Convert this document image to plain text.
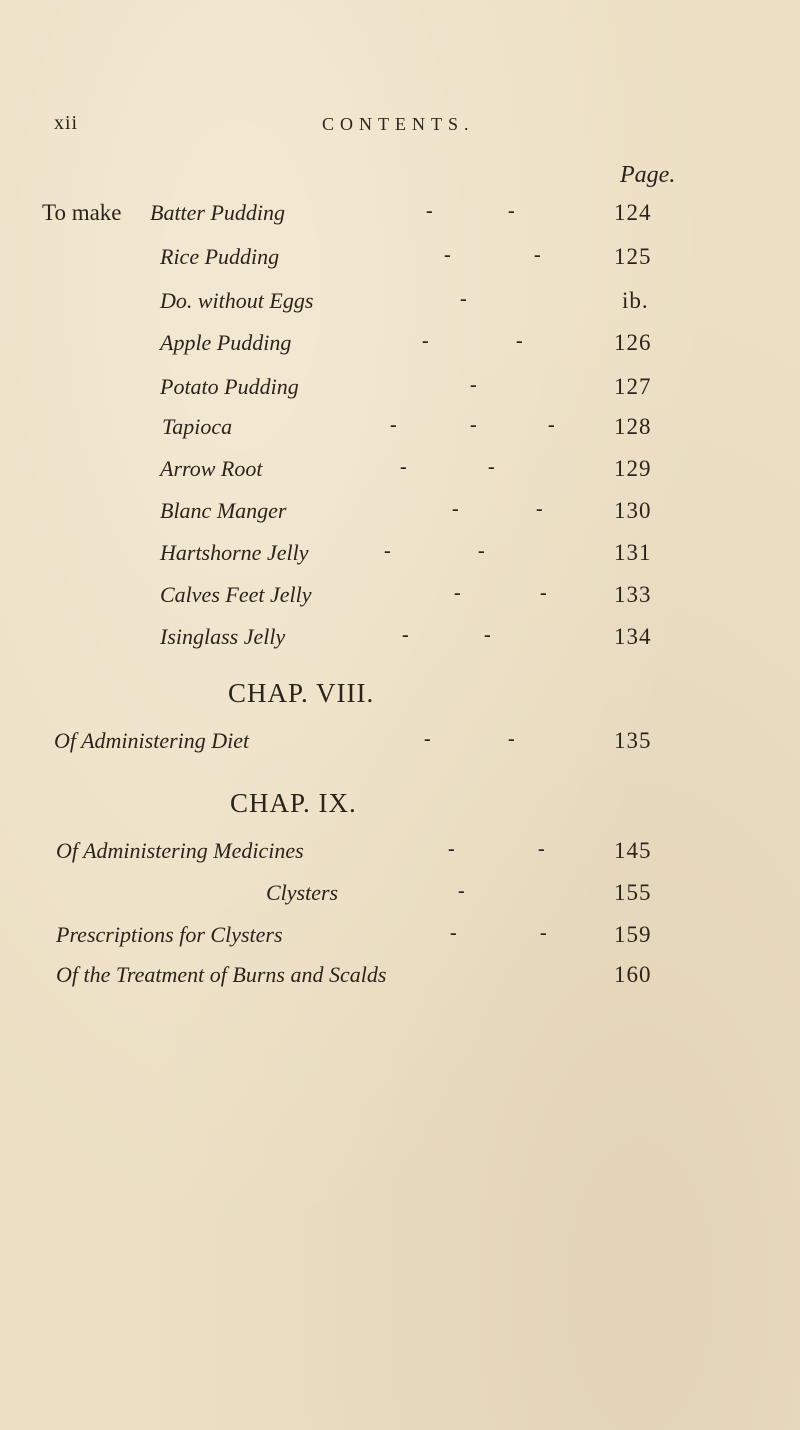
xii	CONTENTS.
Page.
To make Batter Pudding	-	-	124
Rice Pudding	-	-	125
Do. without Eggs	-	ib.
Apple Pudding	-	-	126
Potato Pudding	-	127
Tapioca	-	-	-	128
Arrow Root	-	-	129
Blanc Manger	-	-	130
Hartshorne Jelly	-	-	131
Calves Feet Jelly	-	-	133
Isinglass Jelly	-	-	134
CHAP. VIII.
Of Administering Diet	-	-	135
CHAP. IX.
Of Administering Medicines	-	-	145
Clysters	-	155
Prescriptions for Clysters	-	-	159
Of the Treatment of Burns and Scalds	160
